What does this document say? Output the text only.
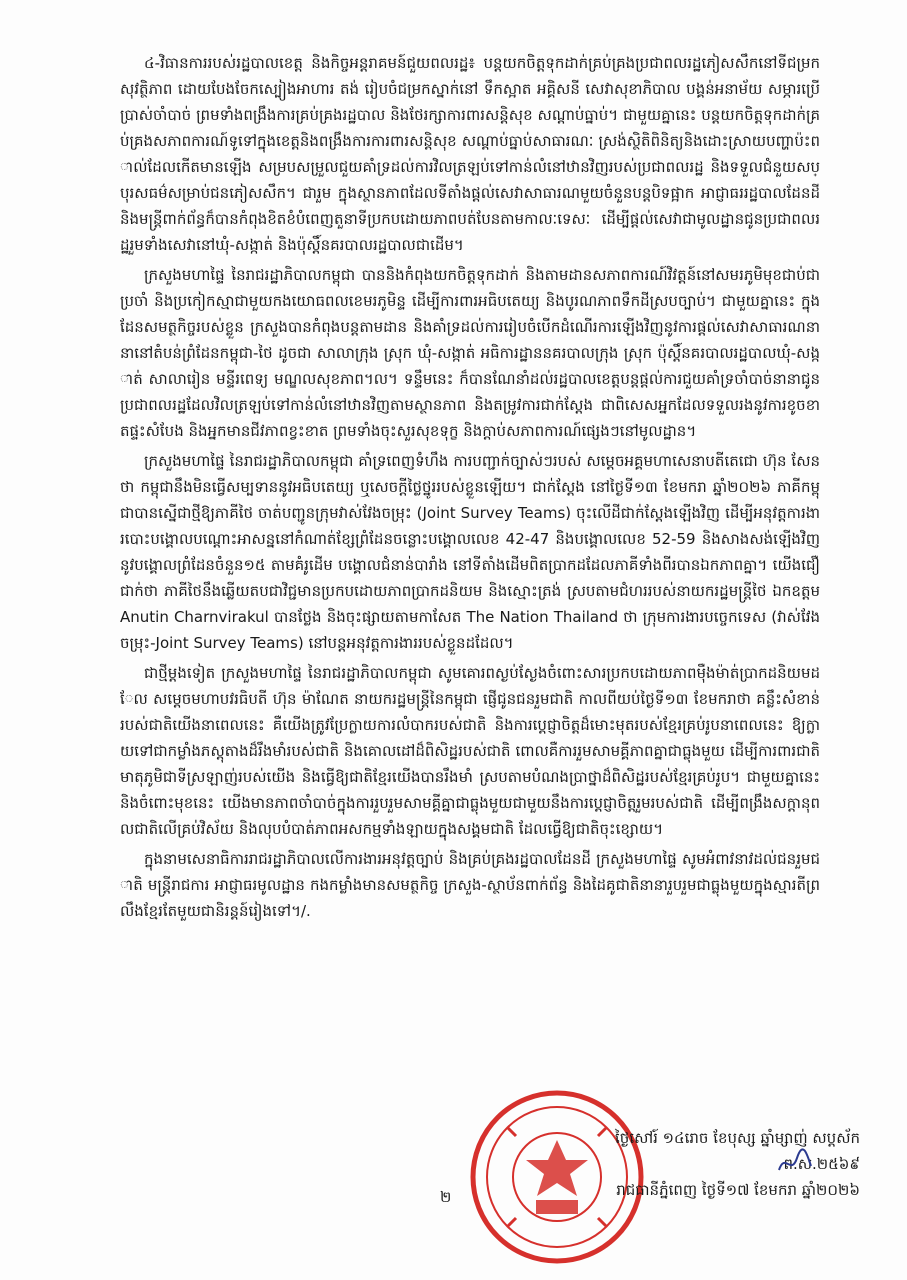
៤-វិធានការរបស់រដ្ឋបាលខេត្ត និងកិច្ចអន្តរាគមន៍ជួយពលរដ្ឋ៖ បន្តយកចិត្តទុកដាក់គ្រប់គ្រងប្រជាពលរដ្ឋភៀសសឹកនៅទីជម្រកសុវត្ថិភាព ដោយបែងចែកស្បៀងអាហារ តង់ រៀបចំជម្រកស្នាក់នៅ ទឹកស្អាត អគ្គិសនី សេវាសុខាភិបាល បង្គន់អនាម័យ សម្ភារប្រើប្រាស់ចាំបាច់ ព្រមទាំងពង្រឹងការគ្រប់គ្រងរដ្ឋបាល និងថែរក្សាការពារសន្តិសុខ សណ្តាប់ធ្នាប់។ ជាមួយគ្នានេះ បន្តយកចិត្តទុកដាក់គ្រប់គ្រងសភាពការណ៍ទូទៅក្នុងខេត្តនិងពង្រឹងការការពារសន្តិសុខ សណ្តាប់ធ្នាប់សាធារណៈ ស្រង់ស្ថិតិពិនិត្យនិងដោះស្រាយបញ្ហាប៉ះពាល់ដែលកើតមានឡើង សម្របសម្រួលជួយគាំទ្រដល់ការវិលត្រឡប់ទៅកាន់លំនៅឋានវិញរបស់ប្រជាពលរដ្ឋ និងទទួលជំនួយសប្បុរសធម៌សម្រាប់ជនភៀសសឹក។ ជារួម ក្នុងស្ថានភាពដែលទីតាំងផ្តល់សេវាសាធារណមួយចំនួនបន្តបិទផ្អាក អាជ្ញាធររដ្ឋបាលដែនដី និងមន្ត្រីពាក់ព័ន្ធក៏បានកំពុងខិតខំបំពេញតួនាទីប្រកបដោយភាពបត់បែនតាមកាលៈទេសៈ ដើម្បីផ្តល់សេវាជាមូលដ្ឋានជូនប្រជាពលរដ្ឋរួមទាំងសេវានៅឃុំ-សង្កាត់ និងប៉ុស្តិ៍នគរបាលរដ្ឋបាលជាដើម។

ក្រសួងមហាផ្ទៃ នៃរាជរដ្ឋាភិបាលកម្ពុជា បាននិងកំពុងយកចិត្តទុកដាក់ និងតាមដានសភាពការណ៍វិវត្តន៍នៅសមរភូមិមុខជាប់ជាប្រចាំ និងប្រកៀកស្មាជាមួយកងយោធពលខេមរភូមិន្ទ ដើម្បីការពារអធិបតេយ្យ និងបូរណភាពទឹកដីស្របច្បាប់។ ជាមួយគ្នានេះ ក្នុងដែនសមត្ថកិច្ចរបស់ខ្លួន ក្រសួងបានកំពុងបន្តតាមដាន និងគាំទ្រដល់ការរៀបចំបើកដំណើរការឡើងវិញនូវការផ្តល់សេវាសាធារណនានានៅតំបន់ព្រំដែនកម្ពុជា-ថៃ ដូចជា សាលាក្រុង ស្រុក ឃុំ-សង្កាត់ អធិការដ្ឋាននគរបាលក្រុង ស្រុក ប៉ុស្តិ៍នគរបាលរដ្ឋបាលឃុំ-សង្កាត់ សាលារៀន មន្ទីរពេទ្យ មណ្ឌលសុខភាព។ល។ ទន្ទឹមនេះ ក៏បានណែនាំដល់រដ្ឋបាលខេត្តបន្តផ្តល់ការជួយគាំទ្រចាំបាច់នានាជូនប្រជាពលរដ្ឋដែលវិលត្រឡប់ទៅកាន់លំនៅឋានវិញតាមស្ថានភាព និងតម្រូវការជាក់ស្តែង ជាពិសេសអ្នកដែលទទួលរងនូវការខូចខាតផ្ទះសំបែង និងអ្នកមានជីវភាពខ្វះខាត ព្រមទាំងចុះសួរសុខទុក្ខ និងក្តាប់សភាពការណ៍ផ្សេងៗនៅមូលដ្ឋាន។

ក្រសួងមហាផ្ទៃ នៃរាជរដ្ឋាភិបាលកម្ពុជា គាំទ្រពេញទំហឹង ការបញ្ជាក់ច្បាស់ៗរបស់ សម្តេចអគ្គមហាសេនាបតីតេជោ ហ៊ុន សែន ថា កម្ពុជានឹងមិនធ្វើសម្បទាននូវអធិបតេយ្យ ឬសេចក្តីថ្លៃថ្នូររបស់ខ្លួនឡើយ។ ជាក់ស្តែង នៅថ្ងៃទី១៣ ខែមករា ឆ្នាំ២០២៦ ភាគីកម្ពុជាបានស្នើជាថ្មីឱ្យភាគីថៃ ចាត់បញ្ជូនក្រុមវាស់វែងចម្រុះ (Joint Survey Teams) ចុះលើដីជាក់ស្តែងឡើងវិញ ដើម្បីអនុវត្តការងារបោះបង្គោលបណ្តោះអាសន្ននៅកំណាត់ខ្សែព្រំដែនចន្លោះបង្គោលលេខ 42-47 និងបង្គោលលេខ 52-59 និងសាងសង់ឡើងវិញនូវបង្គោលព្រំដែនចំនួន១៥ តាមគំរូដើម បង្គោលជំនាន់បារាំង នៅទីតាំងដើមពិតប្រាកដដែលភាគីទាំងពីរបានឯកភាពគ្នា។ យើងជឿជាក់ថា ភាគីថៃនឹងឆ្លើយតបជាវិជ្ជមានប្រកបដោយភាពប្រាកដនិយម និងស្មោះត្រង់ ស្របតាមជំហររបស់នាយករដ្ឋមន្ត្រីថៃ ឯកឧត្តម Anutin Charnvirakul បានថ្លែង និងចុះផ្សាយតាមកាសែត The Nation Thailand ថា ក្រុមការងារបច្ចេកទេស (វាស់វែងចម្រុះ-Joint Survey Teams) នៅបន្តអនុវត្តការងាររបស់ខ្លួនដដែល។

ជាថ្មីម្តងទៀត ក្រសួងមហាផ្ទៃ នៃរាជរដ្ឋាភិបាលកម្ពុជា សូមគោរពស្ងប់ស្ងែងចំពោះសារប្រកបដោយភាពម៉ឺងម៉ាត់ប្រាកដនិយមដែល សម្តេចមហាបវរធិបតី ហ៊ុន ម៉ាណែត នាយករដ្ឋមន្ត្រីនៃកម្ពុជា ផ្ញើជូនជនរួមជាតិ កាលពីយប់ថ្ងៃទី១៣ ខែមករាថា គន្លឹះសំខាន់របស់ជាតិយើងនាពេលនេះ គឺយើងត្រូវប្រែក្លាយការលំបាករបស់ជាតិ និងការប្តេជ្ញាចិត្តដ៏មោះមុតរបស់ខ្មែរគ្រប់រូបនាពេលនេះ ឱ្យក្លាយទៅជាកម្លាំងភស្តុតាងដ៏រឹងមាំរបស់ជាតិ និងគោលដៅដ៏ពិសិដ្ឋរបស់ជាតិ ពោលគឺការរួមសាមគ្គីភាពគ្នាជាធ្លុងមួយ ដើម្បីការពារជាតិមាតុភូមិជាទីស្រឡាញ់របស់យើង និងធ្វើឱ្យជាតិខ្មែរយើងបានរឹងមាំ ស្របតាមបំណងប្រាថ្នាដ៏ពិសិដ្ឋរបស់ខ្មែរគ្រប់រូប។ ជាមួយគ្នានេះ និងចំពោះមុខនេះ យើងមានភាពចាំបាច់ក្នុងការរួបរួមសាមគ្គីគ្នាជាធ្លុងមួយជាមួយនឹងការប្តេជ្ញាចិត្តរួមរបស់ជាតិ ដើម្បីពង្រឹងសក្តានុពលជាតិលើគ្រប់វិស័យ និងលុបបំបាត់ភាពអសកម្មទាំងឡាយក្នុងសង្គមជាតិ ដែលធ្វើឱ្យជាតិចុះខ្សោយ។

ក្នុងនាមសេនាធិការរាជរដ្ឋាភិបាលលើការងារអនុវត្តច្បាប់ និងគ្រប់គ្រងរដ្ឋបាលដែនដី ក្រសួងមហាផ្ទៃ សូមអំពាវនាវដល់ជនរួមជាតិ មន្ត្រីរាជការ អាជ្ញាធរមូលដ្ឋាន កងកម្លាំងមានសមត្ថកិច្ច ក្រសួង-ស្ថាប័នពាក់ព័ន្ធ និងដៃគូជាតិនានារួបរួមជាធ្លុងមួយក្នុងស្មារតីព្រលឹងខ្មែរតែមួយជានិរន្តន៍រៀងទៅ។/.

ថ្ងៃសៅរ៍ ១៤រោច ខែបុស្ស ឆ្នាំម្សាញ់ សប្តស័ក ព.ស.២៥៦៩
រាជធានីភ្នំពេញ ថ្ងៃទី១៧ ខែមករា ឆ្នាំ២០២៦
២
